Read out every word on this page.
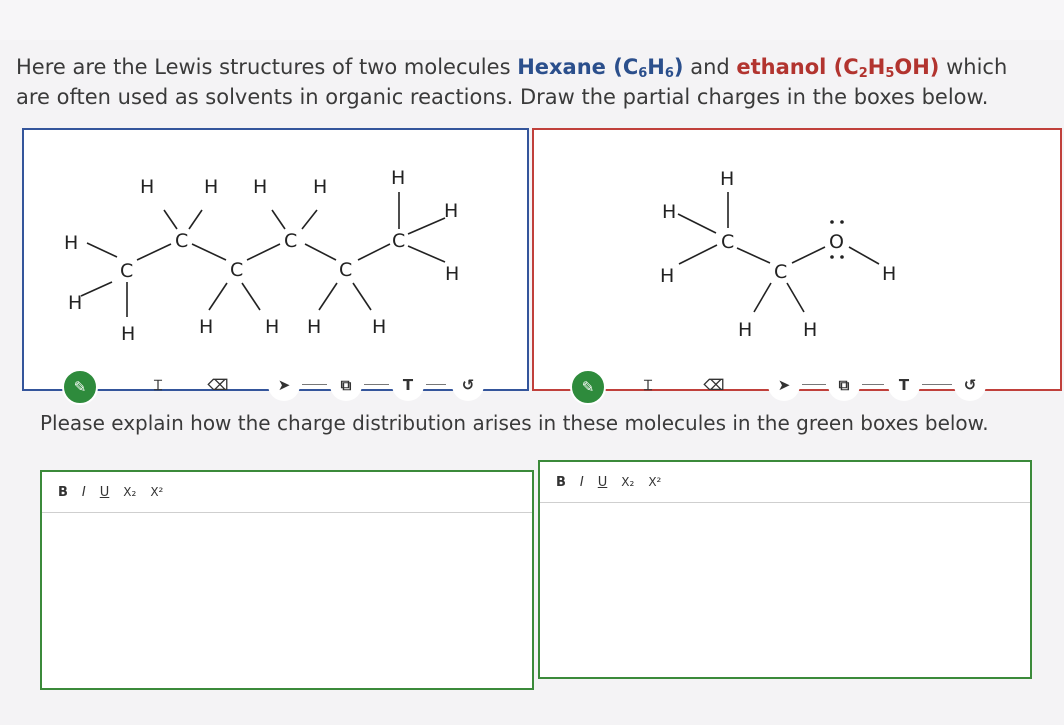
Here are the Lewis structures of two molecules Hexane $(C_6H_6)$ and ethanol $(C_2H_5OH)$ which are often used as solvents in organic reactions. Draw the partial charges in the boxes below.
H
H
C
H
H
C
H
C
H
H
C
H
H
C
H	H
H
C
H
H
H
H
C
H	C
H	H
O
H
✎	⌶	⌫	➤	⧉	T	↺	✎	⌶	⌫	➤	⧉	T	↺
Please explain how the charge distribution arises in these molecules in the green boxes below.
B I U X₂ X²
B I U X₂ X²
